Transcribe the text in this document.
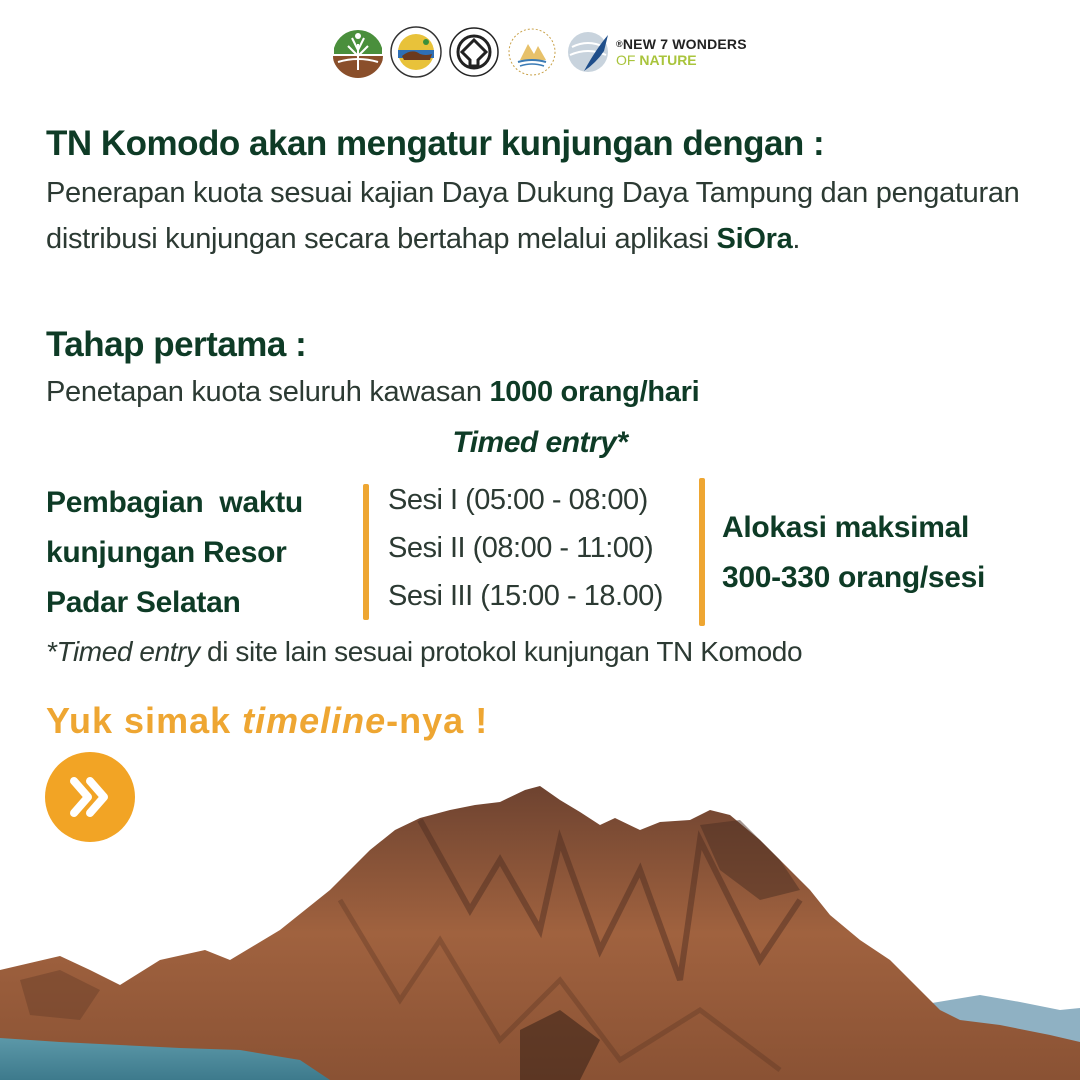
®NEW 7 WONDERS
OF NATURE
TN Komodo akan mengatur kunjungan dengan :

Penerapan kuota sesuai kajian Daya Dukung Daya Tampung dan pengaturan distribusi kunjungan secara bertahap melalui aplikasi SiOra.

Tahap pertama :

Penetapan kuota seluruh kawasan 1000 orang/hari

Timed entry*
Pembagian  waktu
kunjungan Resor
Padar Selatan
Sesi I (05:00 - 08:00)
Sesi II (08:00 - 11:00)
Sesi III (15:00 - 18.00)
Alokasi maksimal
300-330 orang/sesi

*Timed entry di site lain sesuai protokol kunjungan TN Komodo

Yuk simak timeline-nya !
